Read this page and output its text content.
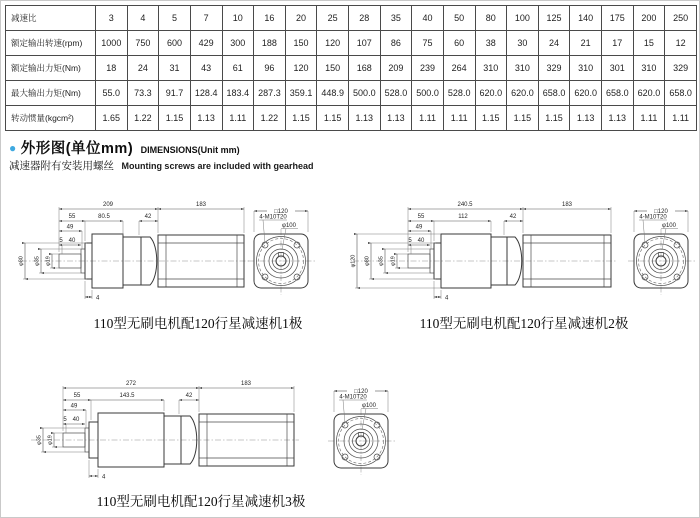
减速比	3	4	5	7	10	16	20	25	28	35	40	50	80	100	125	140	175	200	250
额定输出转速(rpm)	1000	750	600	429	300	188	150	120	107	86	75	60	38	30	24	21	17	15	12
额定输出力矩(Nm)	18	24	31	43	61	96	120	150	168	209	239	264	310	310	329	310	301	310	329
最大输出力矩(Nm)	55.0	73.3	91.7	128.4	183.4	287.3	359.1	448.9	500.0	528.0	500.0	528.0	620.0	620.0	658.0	620.0	658.0	620.0	658.0
转动惯量(kgcm²)	1.65	1.22	1.15	1.13	1.11	1.22	1.15	1.15	1.13	1.13	1.11	1.11	1.15	1.15	1.15	1.13	1.13	1.11	1.11
● 外形图(单位mm) DIMENSIONS(Unit mm)
减速器附有安装用螺丝 Mounting screws are included with gearhead
209	183
55	80.5	42
49
5 40
φ80 φ35 φ19
4
□120
4-M10T20
φ100
240.5	183
55	112	42
49
5 40
φ120 φ80 φ35 φ19
4
□120
4-M10T20
φ100
272	183
55	143.5	42
49
5 40
φ35 φ19
4
□120
4-M10T20
φ100
110型无刷电机配120行星减速机1极	110型无刷电机配120行星减速机2极
110型无刷电机配120行星减速机3极
